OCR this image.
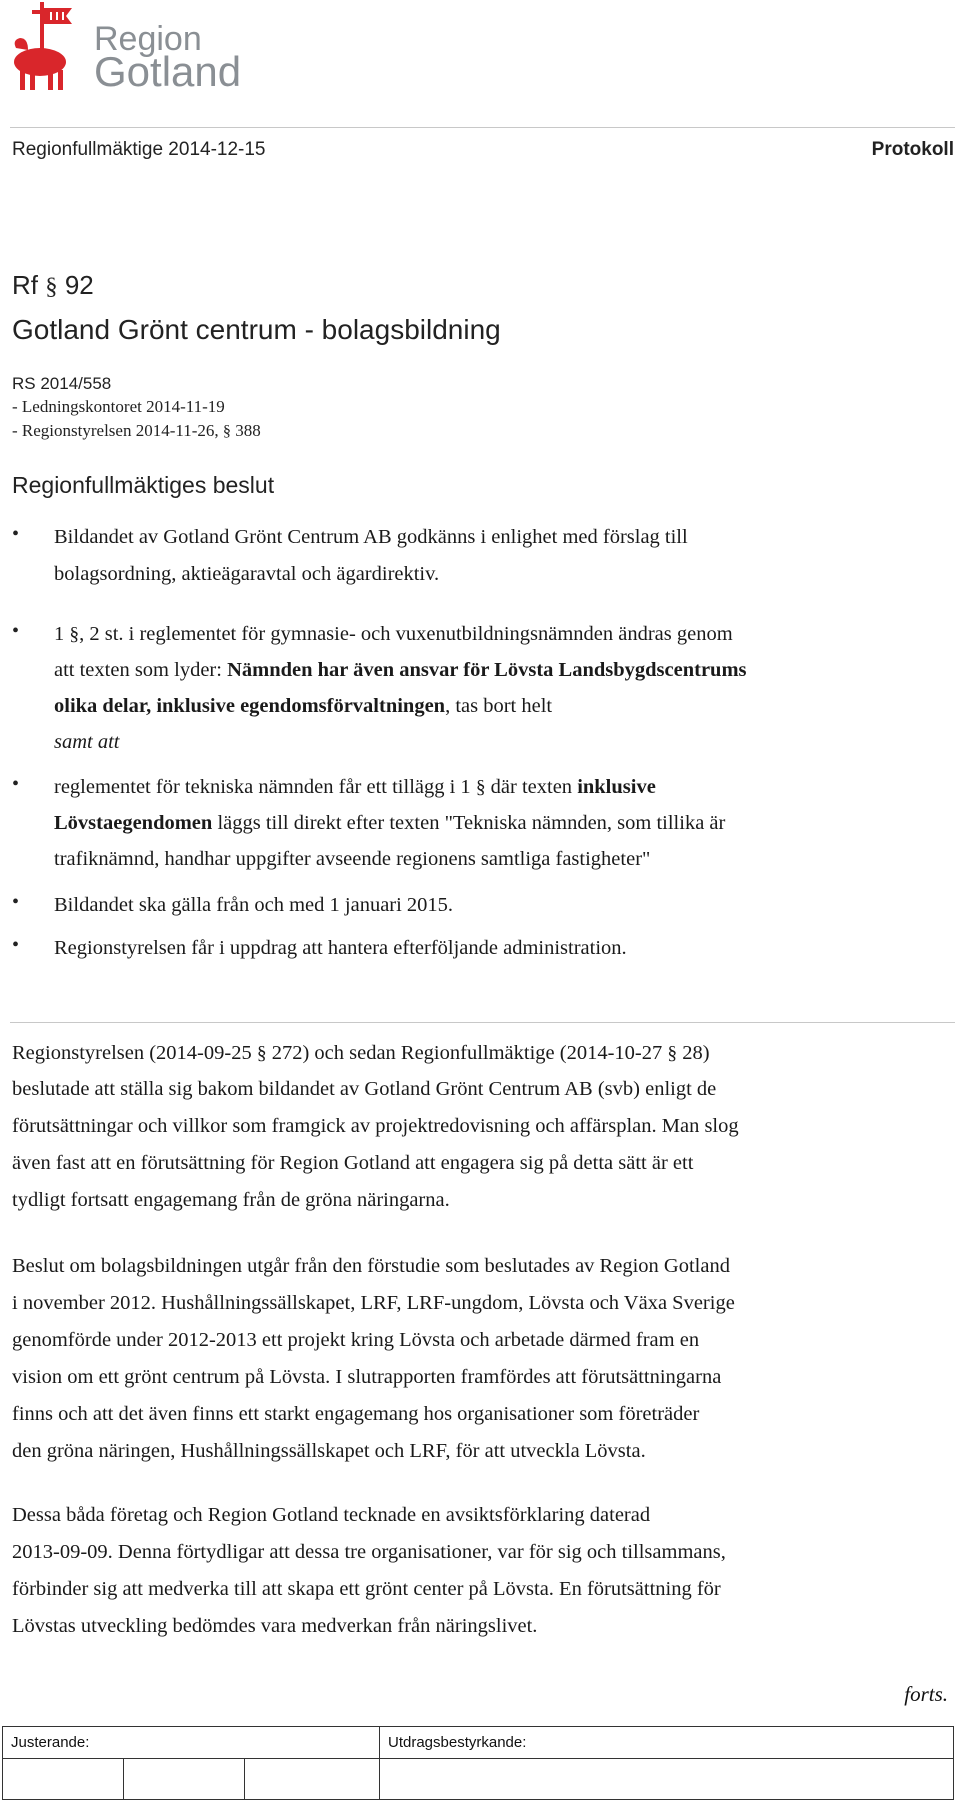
Region
Gotland
Regionfullmäktige 2014-12-15	Protokoll
Rf § 92
Gotland Grönt centrum - bolagsbildning
RS 2014/558
- Ledningskontoret 2014-11-19
- Regionstyrelsen 2014-11-26, § 388
Regionfullmäktiges beslut
• Bildandet av Gotland Grönt Centrum AB godkänns i enlighet med förslag till
bolagsordning, aktieägaravtal och ägardirektiv.
• 1 §, 2 st. i reglementet för gymnasie- och vuxenutbildningsnämnden ändras genom
att texten som lyder: Nämnden har även ansvar för Lövsta Landsbygdscentrums
olika delar, inklusive egendomsförvaltningen, tas bort helt
samt att
• reglementet för tekniska nämnden får ett tillägg i 1 § där texten inklusive
Lövstaegendomen läggs till direkt efter texten "Tekniska nämnden, som tillika är
trafiknämnd, handhar uppgifter avseende regionens samtliga fastigheter"
• Bildandet ska gälla från och med 1 januari 2015.
• Regionstyrelsen får i uppdrag att hantera efterföljande administration.
Regionstyrelsen (2014-09-25 § 272) och sedan Regionfullmäktige (2014-10-27 § 28)
beslutade att ställa sig bakom bildandet av Gotland Grönt Centrum AB (svb) enligt de
förutsättningar och villkor som framgick av projektredovisning och affärsplan. Man slog
även fast att en förutsättning för Region Gotland att engagera sig på detta sätt är ett
tydligt fortsatt engagemang från de gröna näringarna.
Beslut om bolagsbildningen utgår från den förstudie som beslutades av Region Gotland
i november 2012. Hushållningssällskapet, LRF, LRF-ungdom, Lövsta och Växa Sverige
genomförde under 2012-2013 ett projekt kring Lövsta och arbetade därmed fram en
vision om ett grönt centrum på Lövsta. I slutrapporten framfördes att förutsättningarna
finns och att det även finns ett starkt engagemang hos organisationer som företräder
den gröna näringen, Hushållningssällskapet och LRF, för att utveckla Lövsta.
Dessa båda företag och Region Gotland tecknade en avsiktsförklaring daterad
2013-09-09. Denna förtydligar att dessa tre organisationer, var för sig och tillsammans,
förbinder sig att medverka till att skapa ett grönt center på Lövsta. En förutsättning för
Lövstas utveckling bedömdes vara medverkan från näringslivet.
forts.
Justerande:	Utdragsbestyrkande:
